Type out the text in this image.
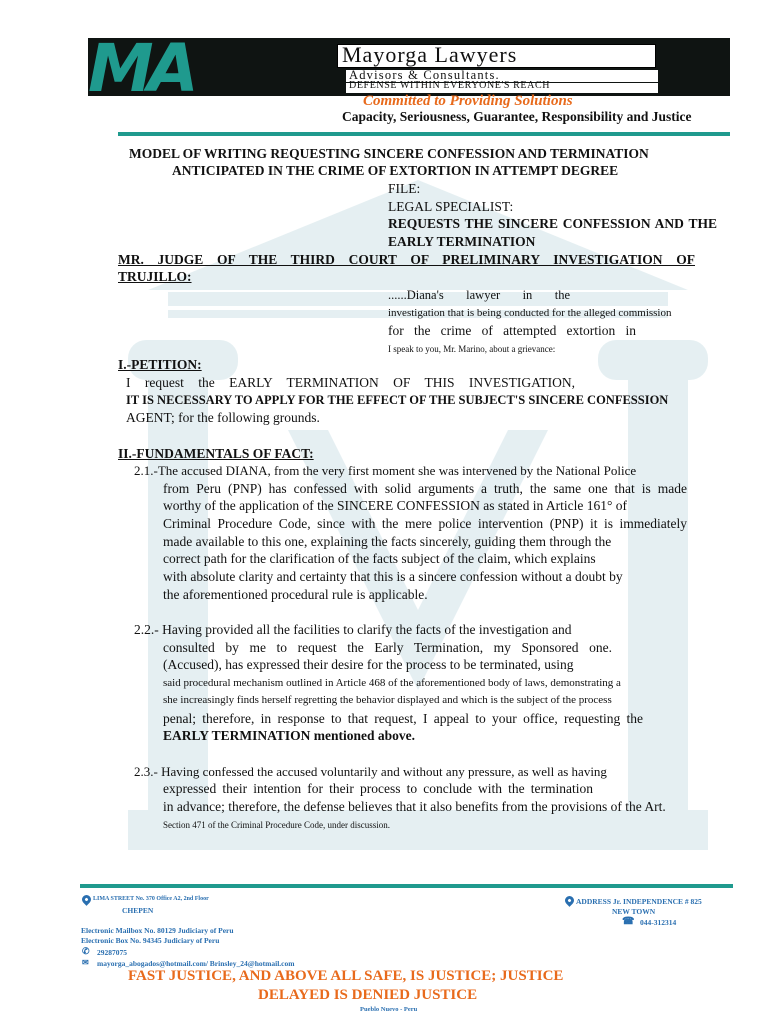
MA	Mayorga Lawyers
Advisors & Consultants.
DEFENSE WITHIN EVERYONE'S REACH
Committed to Providing Solutions
Capacity, Seriousness, Guarantee, Responsibility and Justice
MODEL OF WRITING REQUESTING SINCERE CONFESSION AND TERMINATION
ANTICIPATED IN THE CRIME OF EXTORTION IN ATTEMPT DEGREE
FILE:
LEGAL SPECIALIST:
REQUESTS THE SINCERE CONFESSION AND THE
EARLY TERMINATION
MR. JUDGE OF THE THIRD COURT OF PRELIMINARY INVESTIGATION OF
TRUJILLO:
......Diana's lawyer in the
investigation that is being conducted for the alleged commission
for the crime of attempted extortion in
I speak to you, Mr. Marino, about a grievance:
I.-PETITION:
I request the EARLY TERMINATION OF THIS INVESTIGATION,
IT IS NECESSARY TO APPLY FOR THE EFFECT OF THE SUBJECT'S SINCERE CONFESSION
AGENT; for the following grounds.
II.-FUNDAMENTALS OF FACT:
2.1.-The accused DIANA, from the very first moment she was intervened by the National Police
from Peru (PNP) has confessed with solid arguments a truth, the same one that is made
worthy of the application of the SINCERE CONFESSION as stated in Article 161° of
Criminal Procedure Code, since with the mere police intervention (PNP) it is immediately
made available to this one, explaining the facts sincerely, guiding them through the
correct path for the clarification of the facts subject of the claim, which explains
with absolute clarity and certainty that this is a sincere confession without a doubt by
the aforementioned procedural rule is applicable.
2.2.- Having provided all the facilities to clarify the facts of the investigation and
consulted by me to request the Early Termination, my Sponsored one.
(Accused), has expressed their desire for the process to be terminated, using
said procedural mechanism outlined in Article 468 of the aforementioned body of laws, demonstrating a
she increasingly finds herself regretting the behavior displayed and which is the subject of the process
penal; therefore, in response to that request, I appeal to your office, requesting the
EARLY TERMINATION mentioned above.
2.3.- Having confessed the accused voluntarily and without any pressure, as well as having
expressed their intention for their process to conclude with the termination
in advance; therefore, the defense believes that it also benefits from the provisions of the Art.
Section 471 of the Criminal Procedure Code, under discussion.
LIMA STREET No. 370 Office A2, 2nd Floor
CHEPEN
Electronic Mailbox No. 80129 Judiciary of Peru
Electronic Box No. 94345 Judiciary of Peru
✆ 29287075
✉ mayorga_abogados@hotmail.com/ Brinsley_24@hotmail.com
ADDRESS Jr. INDEPENDENCE # 825
NEW TOWN
☎ 044-312314
FAST JUSTICE, AND ABOVE ALL SAFE, IS JUSTICE; JUSTICE
DELAYED IS DENIED JUSTICE
Pueblo Nuevo - Peru
